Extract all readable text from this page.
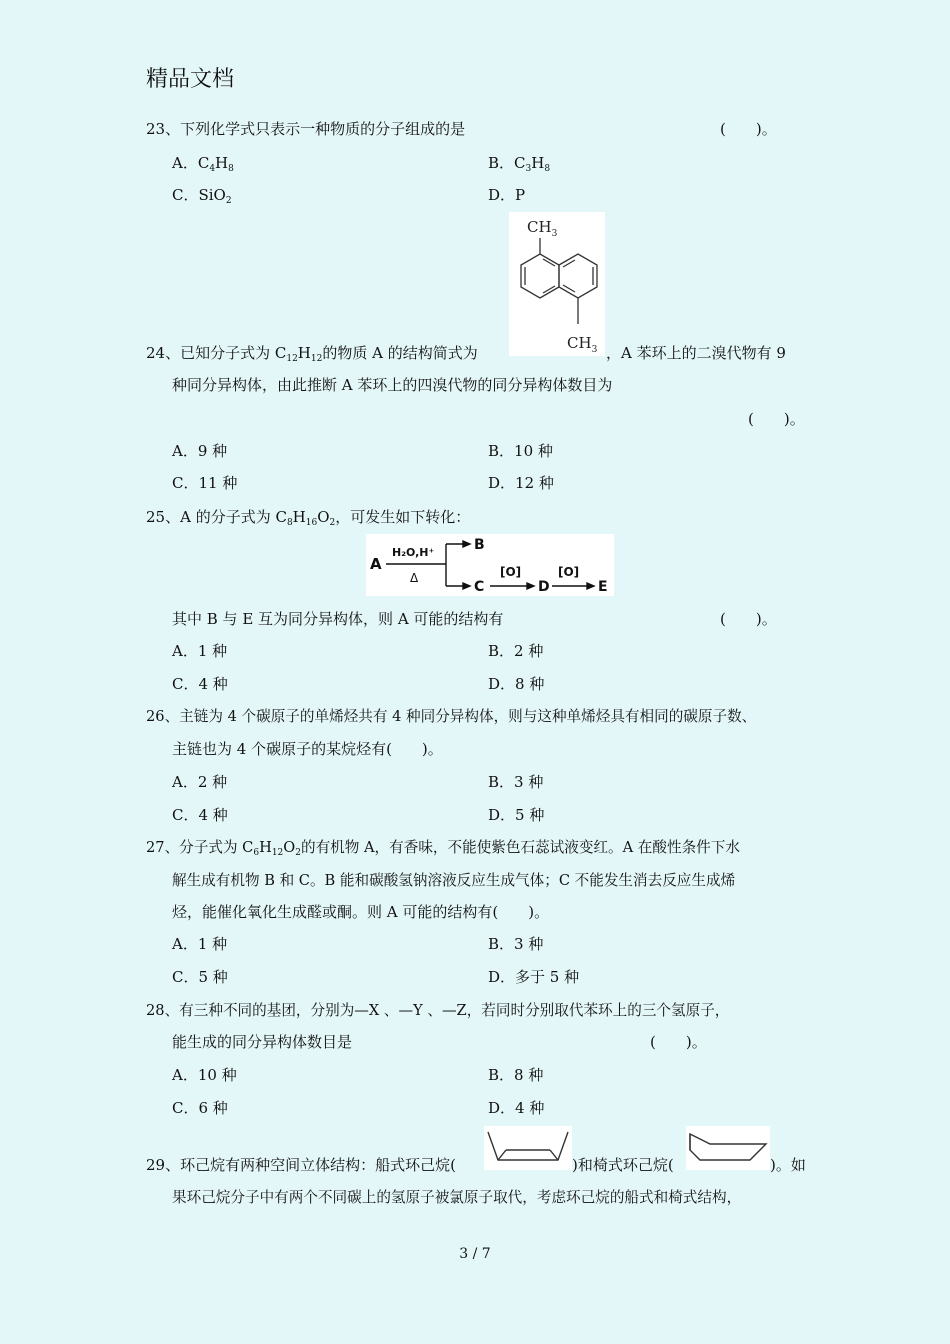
精品文档
23、下列化学式只表示一种物质的分子组成的是	(　　)。
A．$C_4H_8$	B．$C_3H_8$
C．SiO$_2$	D．P
$CH_3$
$CH_3$
24、已知分子式为 $C_{12}H_{12}$的物质 A 的结构简式为	，A 苯环上的二溴代物有 9
种同分异构体，由此推断 A 苯环上的四溴代物的同分异构体数目为
(　　)。
A．9 种	B．10 种
C．11 种	D．12 种
25、A 的分子式为 $C_8H_{16}O_2$，可发生如下转化：
A
H₂O,H⁺
Δ
B
C
[O]
D
[O]
E
其中 B 与 E 互为同分异构体，则 A 可能的结构有	(　　)。
A．1 种	B．2 种
C．4 种	D．8 种
26、主链为 4 个碳原子的单烯烃共有 4 种同分异构体，则与这种单烯烃具有相同的碳原子数、
主链也为 4 个碳原子的某烷烃有(　　)。
A．2 种	B．3 种
C．4 种	D．5 种
27、分子式为 $C_6H_{12}O_2$的有机物 A，有香味，不能使紫色石蕊试液变红。A 在酸性条件下水
解生成有机物 B 和 C。B 能和碳酸氢钠溶液反应生成气体；C 不能发生消去反应生成烯
烃，能催化氧化生成醛或酮。则 A 可能的结构有(　　)。
A．1 种	B．3 种
C．5 种	D．多于 5 种
28、有三种不同的基团，分别为—X 、—Y 、—Z，若同时分别取代苯环上的三个氢原子，
能生成的同分异构体数目是	(　　)。
A．10 种	B．8 种
C．6 种	D．4 种
29、环己烷有两种空间立体结构：船式环己烷(	)和椅式环己烷(	)。如
果环己烷分子中有两个不同碳上的氢原子被氯原子取代，考虑环己烷的船式和椅式结构，
3 / 7
